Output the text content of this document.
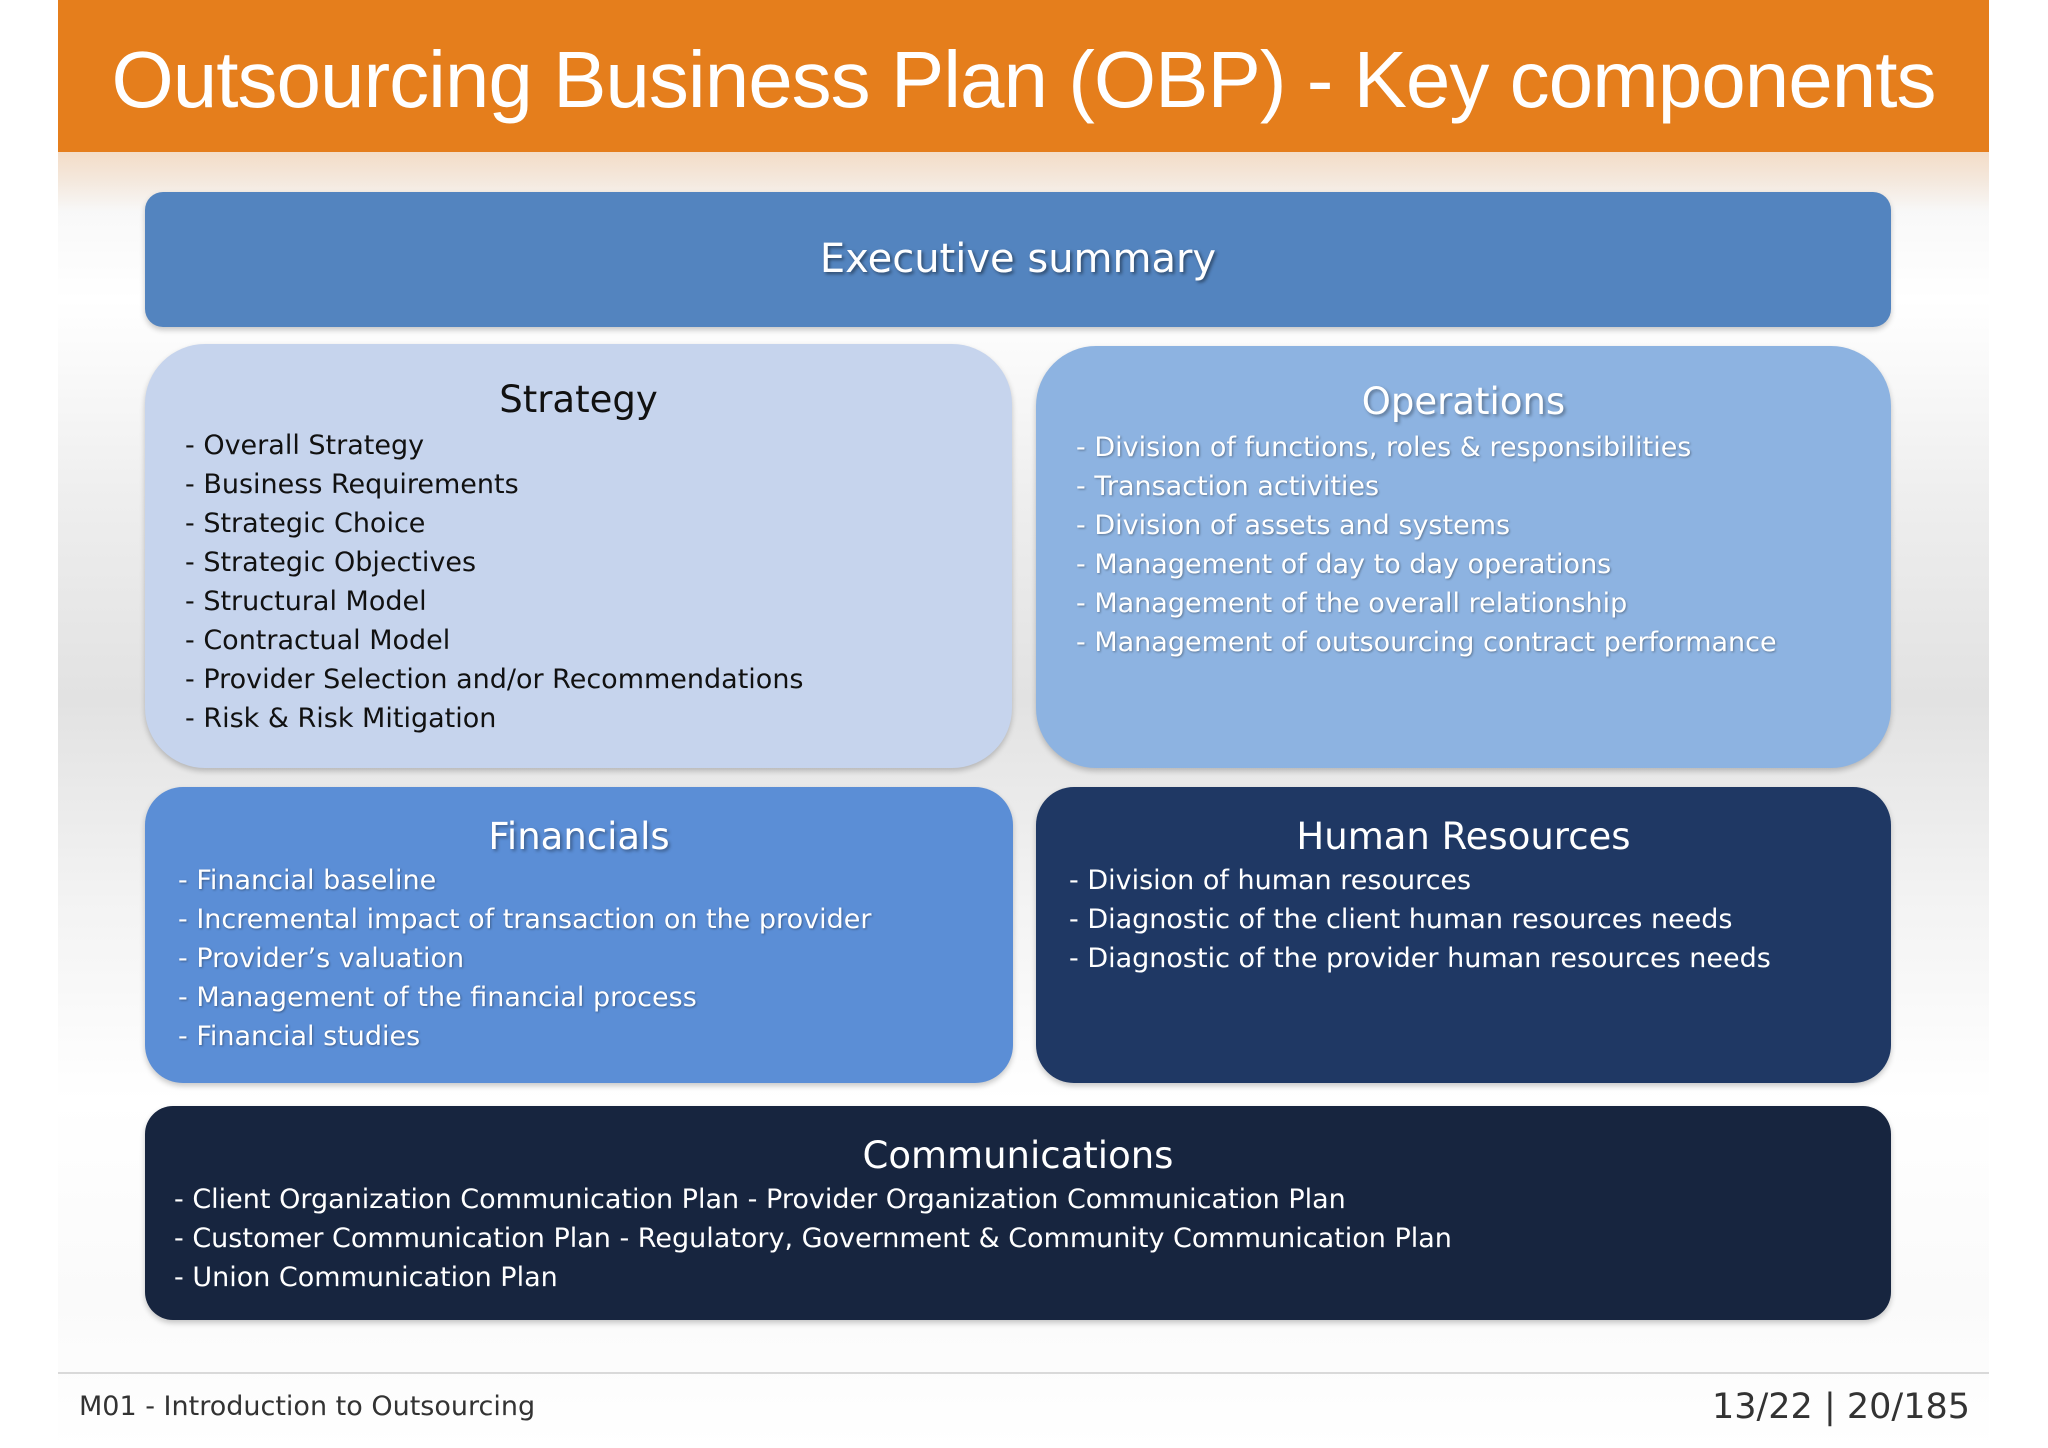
Outsourcing Business Plan (OBP) - Key components
Executive summary
Strategy
- Overall Strategy
- Business Requirements
- Strategic Choice
- Strategic Objectives
- Structural Model
- Contractual Model
- Provider Selection and/or Recommendations
- Risk & Risk Mitigation
Operations
- Division of functions, roles & responsibilities
- Transaction activities
- Division of assets and systems
- Management of day to day operations
- Management of the overall relationship
- Management of outsourcing contract performance
Financials
- Financial baseline
- Incremental impact of transaction on the provider
- Provider’s valuation
- Management of the financial process
- Financial studies
Human Resources
- Division of human resources
- Diagnostic of the client human resources needs
- Diagnostic of the provider human resources needs
Communications
- Client Organization Communication Plan - Provider Organization Communication Plan
- Customer Communication Plan - Regulatory, Government & Community Communication Plan
- Union Communication Plan
M01 - Introduction to Outsourcing	13/22 | 20/185
